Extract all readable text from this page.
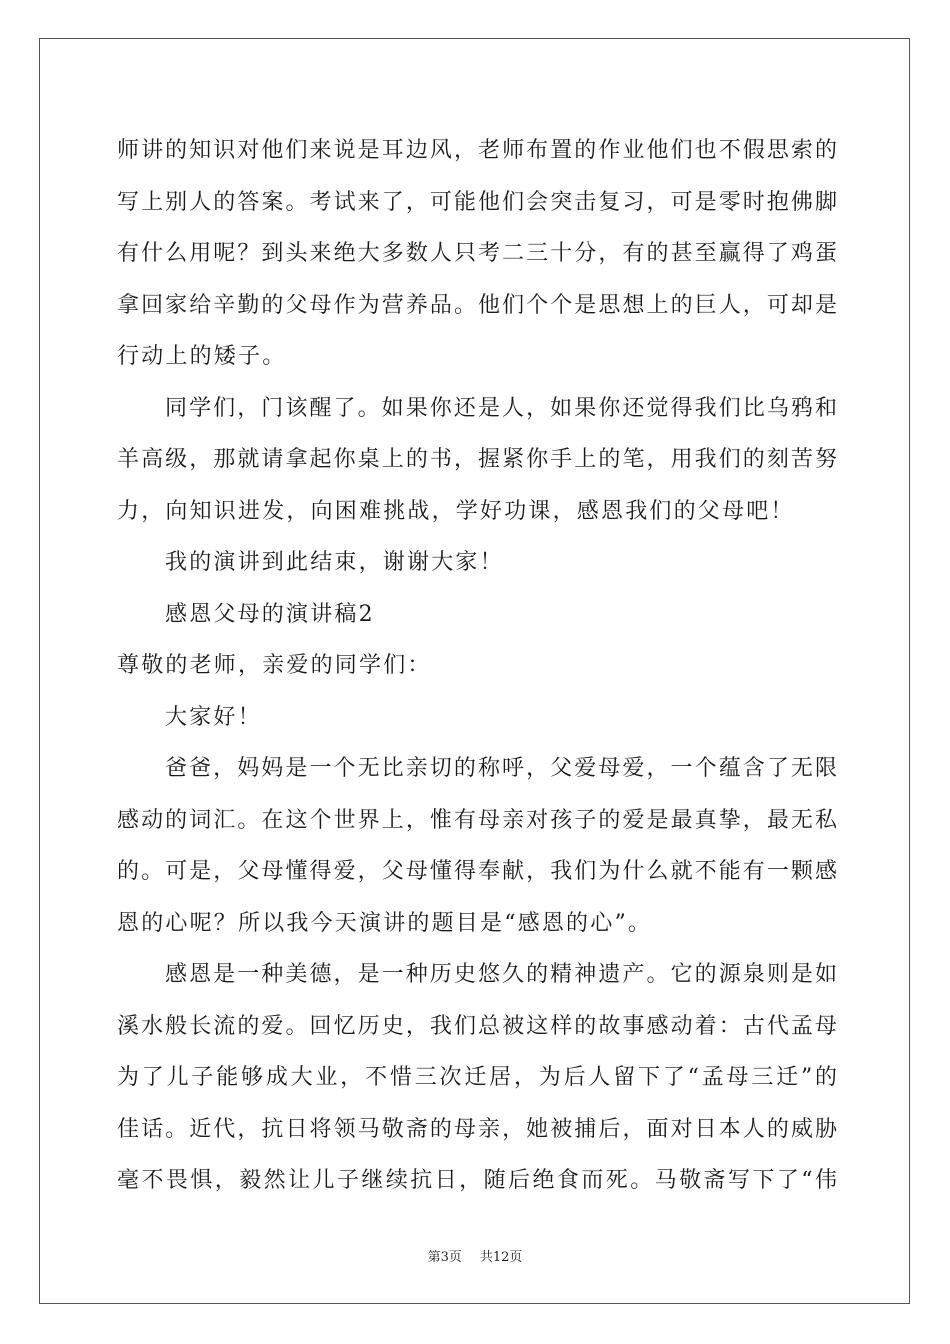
师讲的知识对他们来说是耳边风，老师布置的作业他们也不假思索的
写上别人的答案。考试来了，可能他们会突击复习，可是零时抱佛脚
有什么用呢？到头来绝大多数人只考二三十分，有的甚至赢得了鸡蛋
拿回家给辛勤的父母作为营养品。他们个个是思想上的巨人，可却是
行动上的矮子。
同学们，门该醒了。如果你还是人，如果你还觉得我们比乌鸦和
羊高级，那就请拿起你桌上的书，握紧你手上的笔，用我们的刻苦努
力，向知识进发，向困难挑战，学好功课，感恩我们的父母吧！
我的演讲到此结束，谢谢大家！
感恩父母的演讲稿2
尊敬的老师，亲爱的同学们：
大家好！
爸爸，妈妈是一个无比亲切的称呼，父爱母爱，一个蕴含了无限
感动的词汇。在这个世界上，惟有母亲对孩子的爱是最真挚，最无私
的。可是，父母懂得爱，父母懂得奉献，我们为什么就不能有一颗感
恩的心呢？所以我今天演讲的题目是“感恩的心”。
感恩是一种美德，是一种历史悠久的精神遗产。它的源泉则是如
溪水般长流的爱。回忆历史，我们总被这样的故事感动着：古代孟母
为了儿子能够成大业，不惜三次迁居，为后人留下了“孟母三迁”的
佳话。近代，抗日将领马敬斋的母亲，她被捕后，面对日本人的威胁
毫不畏惧，毅然让儿子继续抗日，随后绝食而死。马敬斋写下了“伟
第3页 共12页
